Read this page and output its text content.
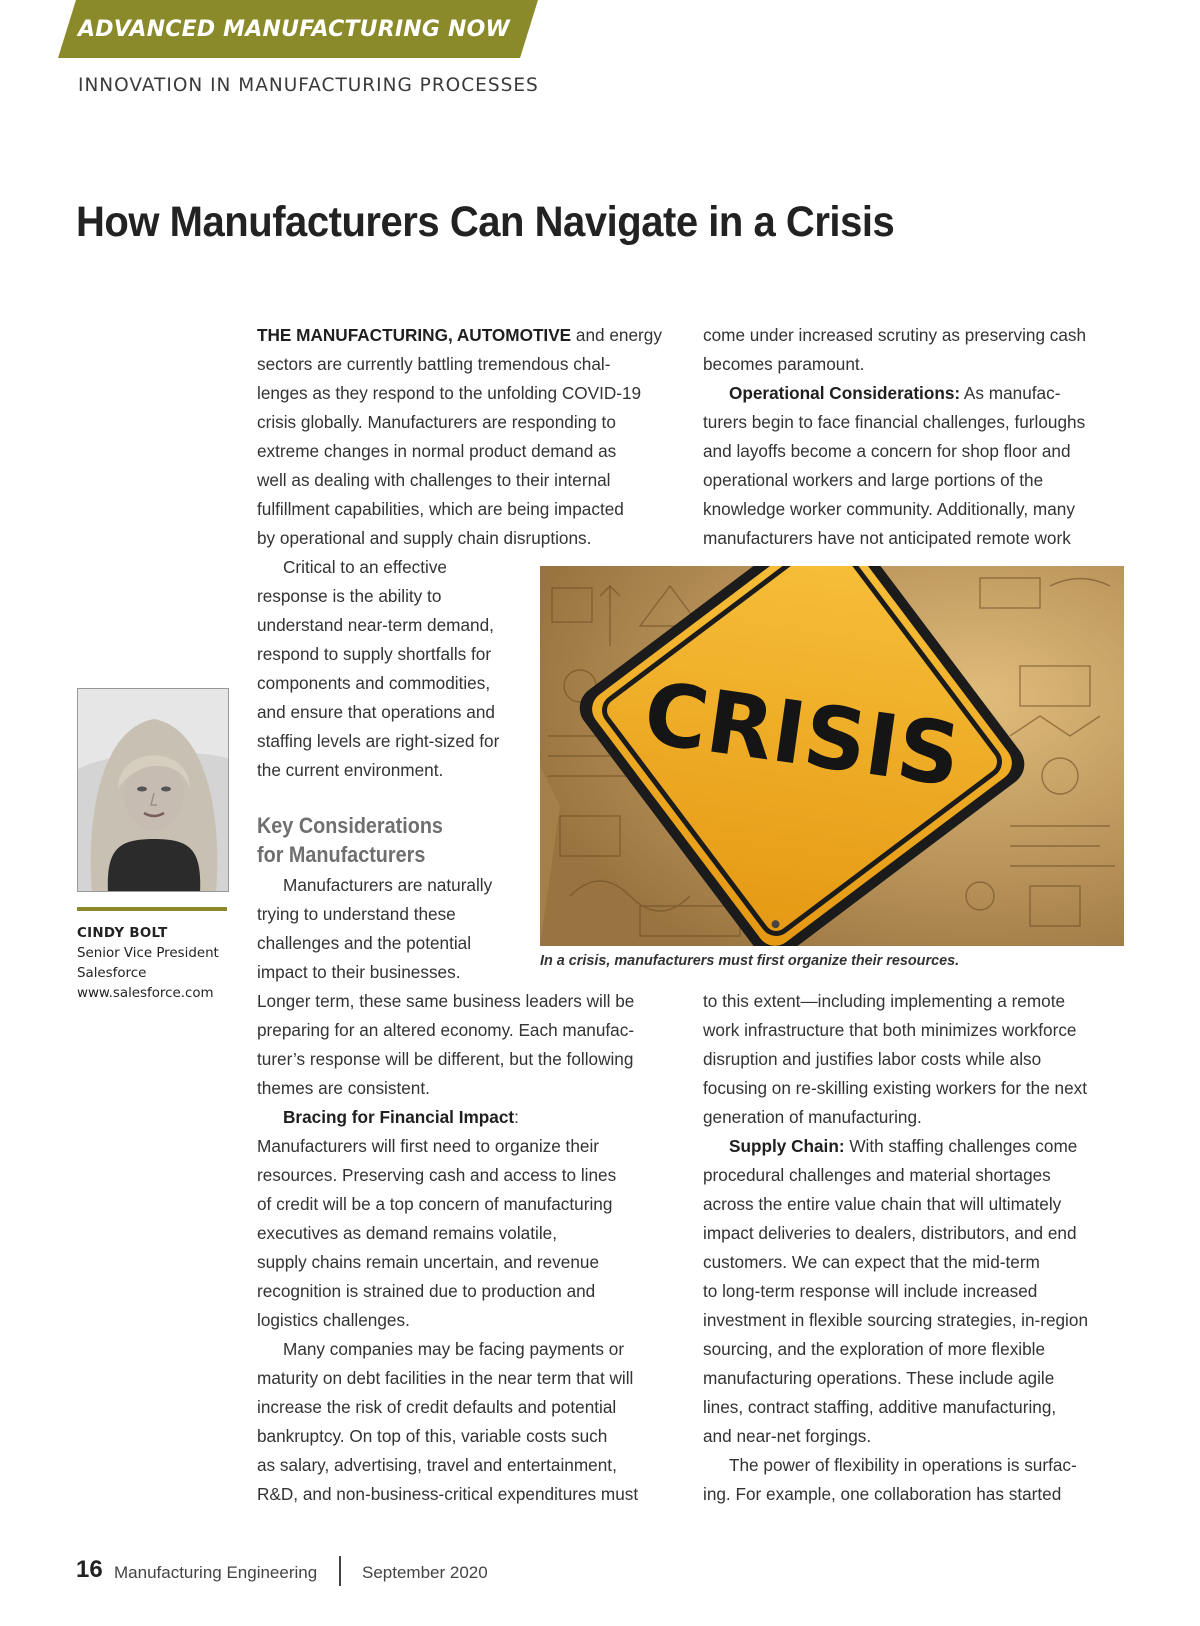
ADVANCED MANUFACTURING NOW
INNOVATION IN MANUFACTURING PROCESSES
How Manufacturers Can Navigate in a Crisis

THE MANUFACTURING, AUTOMOTIVE and energy

sectors are currently battling tremendous chal-

lenges as they respond to the unfolding COVID-19

crisis globally. Manufacturers are responding to

extreme changes in normal product demand as

well as dealing with challenges to their internal

fulfillment capabilities, which are being impacted

by operational and supply chain disruptions.

Critical to an effective

response is the ability to

understand near-term demand,

respond to supply shortfalls for

components and commodities,

and ensure that operations and

staffing levels are right-sized for

the current environment.

Key Considerations
for Manufacturers

Manufacturers are naturally

trying to understand these

challenges and the potential

impact to their businesses.

Longer term, these same business leaders will be

preparing for an altered economy. Each manufac-

turer’s response will be different, but the following

themes are consistent.

Bracing for Financial Impact:

Manufacturers will first need to organize their

resources. Preserving cash and access to lines

of credit will be a top concern of manufacturing

executives as demand remains volatile,

supply chains remain uncertain, and revenue

recognition is strained due to production and

logistics challenges.

Many companies may be facing payments or

maturity on debt facilities in the near term that will

increase the risk of credit defaults and potential

bankruptcy. On top of this, variable costs such

as salary, advertising, travel and entertainment,

R&D, and non-business-critical expenditures must

come under increased scrutiny as preserving cash

becomes paramount.

Operational Considerations: As manufac-

turers begin to face financial challenges, furloughs

and layoffs become a concern for shop floor and

operational workers and large portions of the

knowledge worker community. Additionally, many

manufacturers have not anticipated remote work

to this extent—including implementing a remote

work infrastructure that both minimizes workforce

disruption and justifies labor costs while also

focusing on re-skilling existing workers for the next

generation of manufacturing.

Supply Chain: With staffing challenges come

procedural challenges and material shortages

across the entire value chain that will ultimately

impact deliveries to dealers, distributors, and end

customers. We can expect that the mid-term

to long-term response will include increased

investment in flexible sourcing strategies, in-region

sourcing, and the exploration of more flexible

manufacturing operations. These include agile

lines, contract staffing, additive manufacturing,

and near-net forgings.

The power of flexibility in operations is surfac-

ing. For example, one collaboration has started

CINDY BOLT
Senior Vice President
Salesforce
www.salesforce.com
CRISIS
In a crisis, manufacturers must first organize their resources.
16 Manufacturing Engineering	September 2020
